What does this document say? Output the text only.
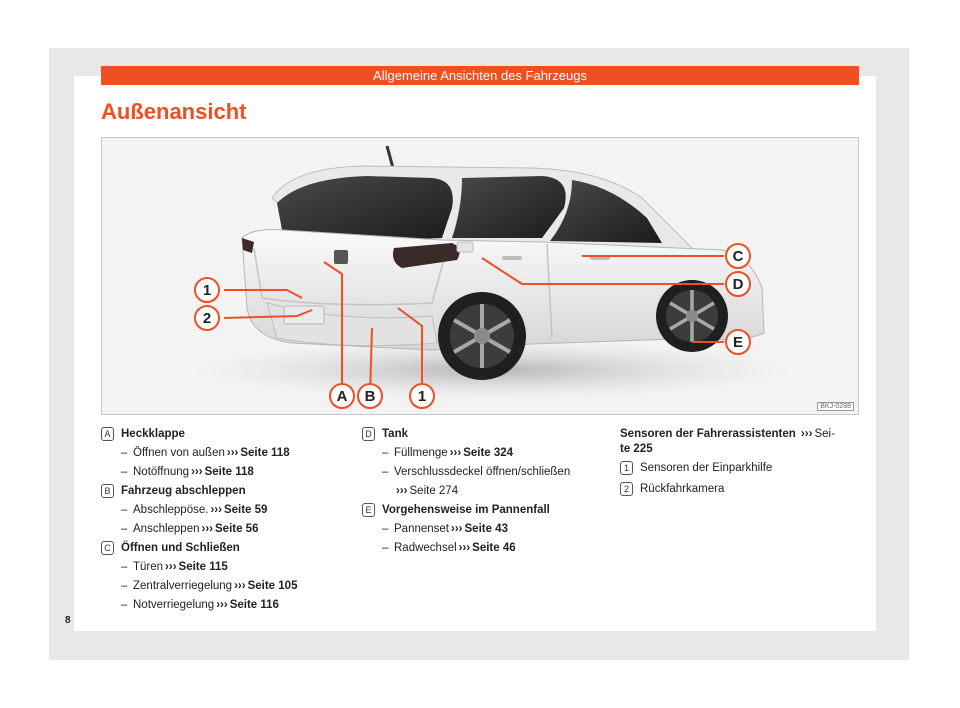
Allgemeine Ansichten des Fahrzeugs
Außenansicht
1
2
A B	1
C
D
E
BKJ-0288
A Heckklappe
– Öffnen von außen ››› Seite 118
– Notöffnung ››› Seite 118
B Fahrzeug abschleppen
– Abschleppöse. ››› Seite 59
– Anschleppen ››› Seite 56
C Öffnen und Schließen
– Türen ››› Seite 115
– Zentralverriegelung ››› Seite 105
– Notverriegelung ››› Seite 116
D Tank
– Füllmenge ››› Seite 324
– Verschlussdeckel öffnen/schließen
››› Seite 274
E Vorgehensweise im Pannenfall
– Pannenset ››› Seite 43
– Radwechsel ››› Seite 46
Sensoren der Fahrerassistenten ››› Sei-
te 225
1 Sensoren der Einparkhilfe
2 Rückfahrkamera
8
